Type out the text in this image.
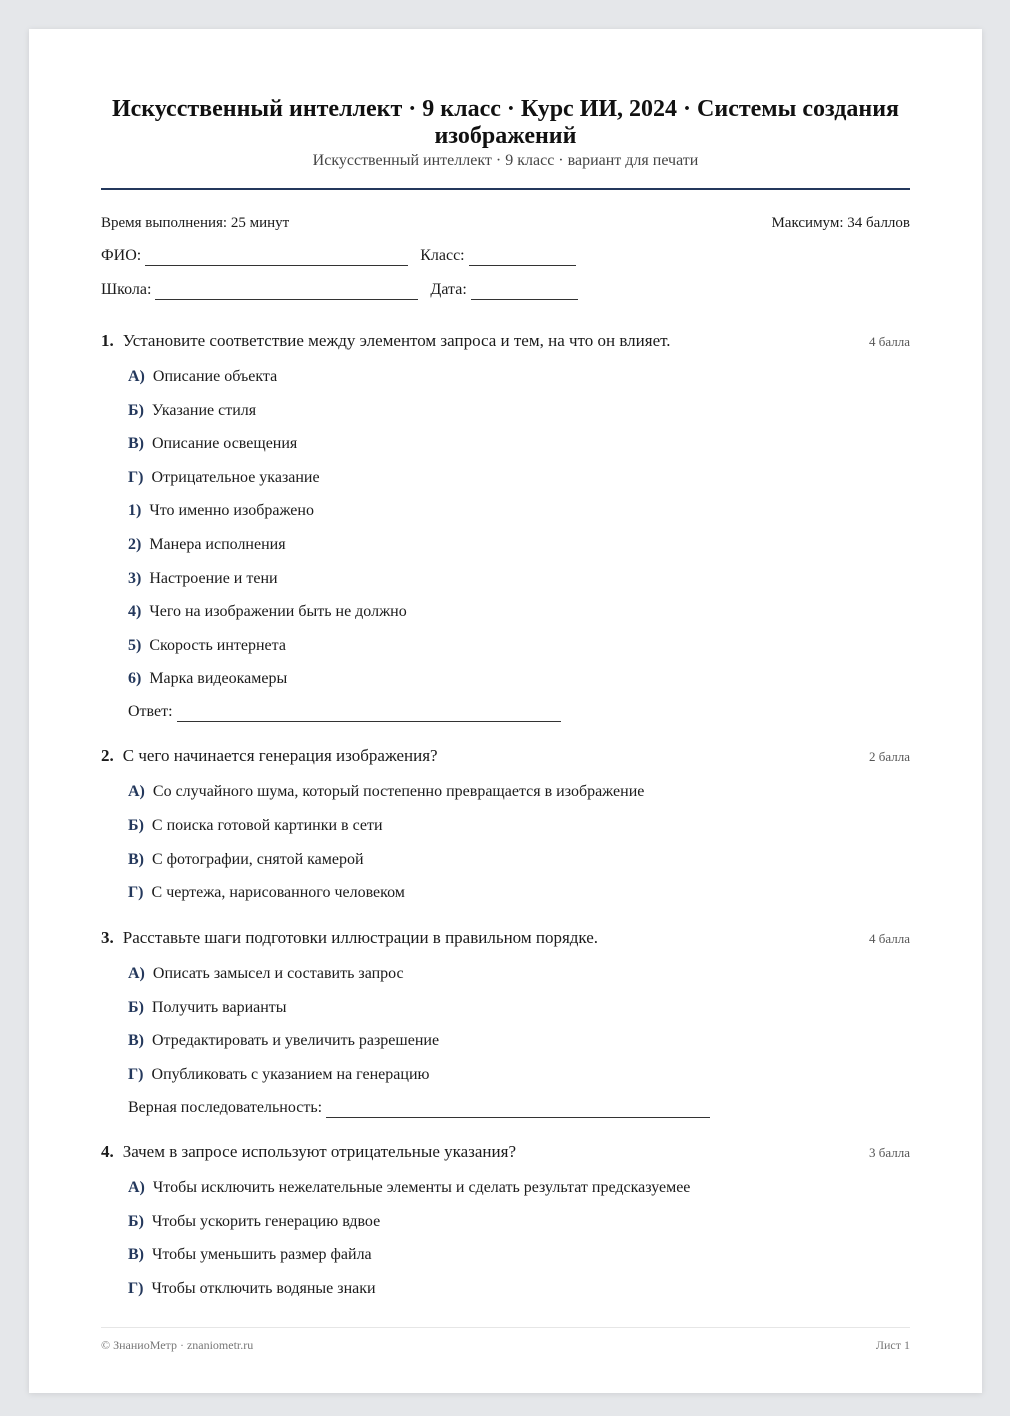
Искусственный интеллект · 9 класс · Курс ИИ, 2024 · Системы создания изображений
Искусственный интеллект · 9 класс · вариант для печати
Время выполнения: 25 минут	Максимум: 34 баллов
ФИО:	Класс:
Школа:	Дата:
1. Установите соответствие между элементом запроса и тем, на что он влияет.	4 балла
А) Описание объекта
Б) Указание стиля
В) Описание освещения
Г) Отрицательное указание
1) Что именно изображено
2) Манера исполнения
3) Настроение и тени
4) Чего на изображении быть не должно
5) Скорость интернета
6) Марка видеокамеры
Ответ:
2. С чего начинается генерация изображения?	2 балла
А) Со случайного шума, который постепенно превращается в изображение
Б) С поиска готовой картинки в сети
В) С фотографии, снятой камерой
Г) С чертежа, нарисованного человеком
3. Расставьте шаги подготовки иллюстрации в правильном порядке.	4 балла
А) Описать замысел и составить запрос
Б) Получить варианты
В) Отредактировать и увеличить разрешение
Г) Опубликовать с указанием на генерацию
Верная последовательность:
4. Зачем в запросе используют отрицательные указания?	3 балла
А) Чтобы исключить нежелательные элементы и сделать результат предсказуемее
Б) Чтобы ускорить генерацию вдвое
В) Чтобы уменьшить размер файла
Г) Чтобы отключить водяные знаки
© ЗнаниоМетр · znaniometr.ru	Лист 1
